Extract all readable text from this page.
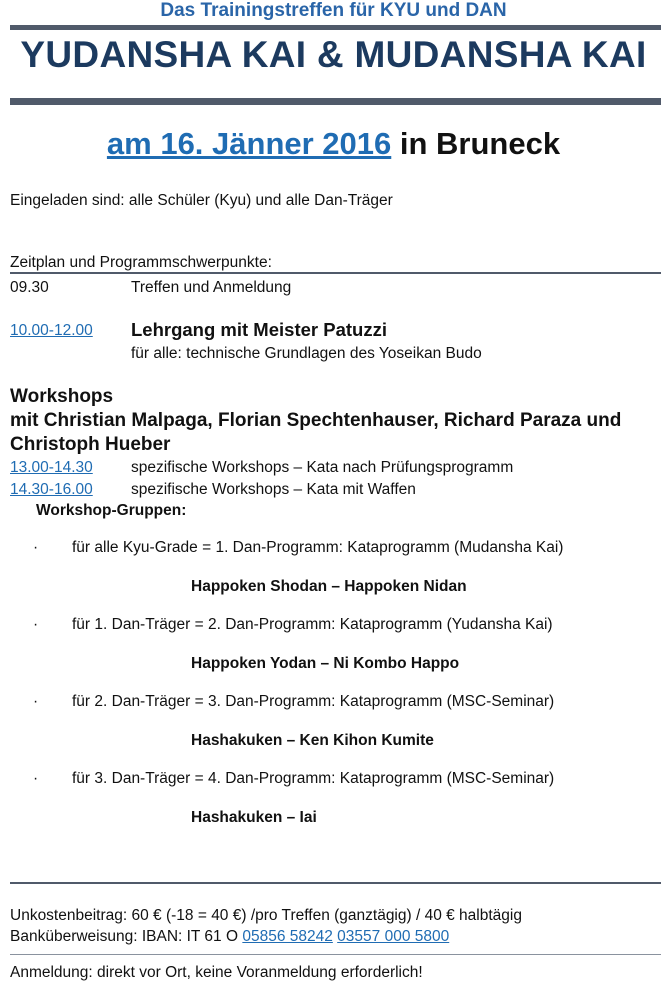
Das Trainingstreffen für KYU und DAN
YUDANSHA KAI & MUDANSHA KAI
am 16. Jänner 2016 in Bruneck
Eingeladen sind: alle Schüler (Kyu) und alle Dan-Träger
Zeitplan und Programmschwerpunkte:
09.30	Treffen und Anmeldung
10.00-12.00 Lehrgang mit Meister Patuzzi
für alle: technische Grundlagen des Yoseikan Budo
Workshops
mit Christian Malpaga, Florian Spechtenhauser, Richard Paraza und
Christoph Hueber
13.00-14.30 spezifische Workshops – Kata nach Prüfungsprogramm
14.30-16.00 spezifische Workshops – Kata mit Waffen
Workshop-Gruppen:
· für alle Kyu-Grade = 1. Dan-Programm: Kataprogramm (Mudansha Kai)
Happoken Shodan – Happoken Nidan
· für 1. Dan-Träger = 2. Dan-Programm: Kataprogramm (Yudansha Kai)
Happoken Yodan – Ni Kombo Happo
· für 2. Dan-Träger = 3. Dan-Programm: Kataprogramm (MSC-Seminar)
Hashakuken – Ken Kihon Kumite
· für 3. Dan-Träger = 4. Dan-Programm: Kataprogramm (MSC-Seminar)
Hashakuken – Iai
Unkostenbeitrag: 60 € (-18 = 40 €) /pro Treffen (ganztägig) / 40 € halbtägig
Banküberweisung: IBAN: IT 61 O 05856 58242 03557 000 5800
Anmeldung: direkt vor Ort, keine Voranmeldung erforderlich!
